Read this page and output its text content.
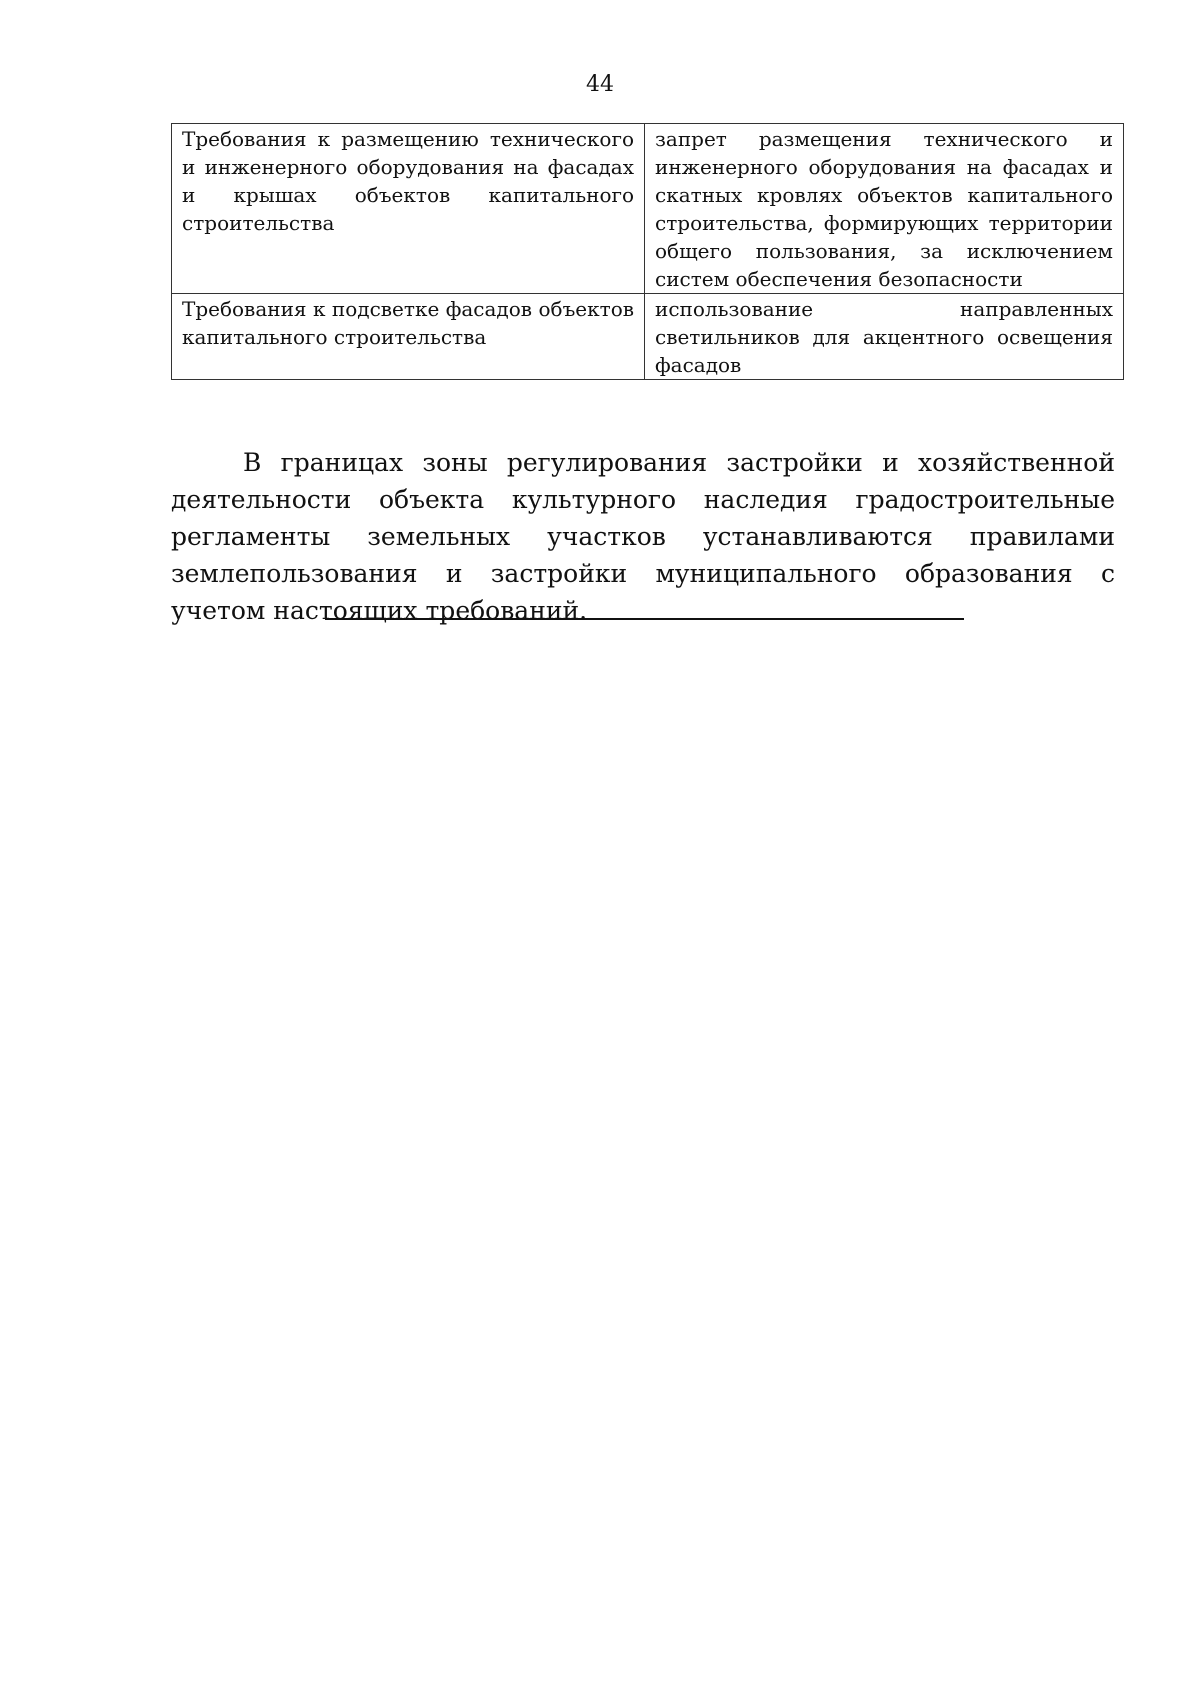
44
Требования к размещению технического и инженерного оборудования на фасадах и крышах объектов капитального строительства	запрет размещения технического и инженерного оборудования на фасадах и скатных кровлях объектов капитального строительства, формирующих территории общего пользования, за исключением систем обеспечения безопасности
Требования к подсветке фасадов объектов капитального строительства	использование направленных светильников для акцентного освещения фасадов

В границах зоны регулирования застройки и хозяйственной деятельности объекта культурного наследия градостроительные регламенты земельных участков устанавливаются правилами землепользования и застройки муниципального образования с учетом настоящих требований.
